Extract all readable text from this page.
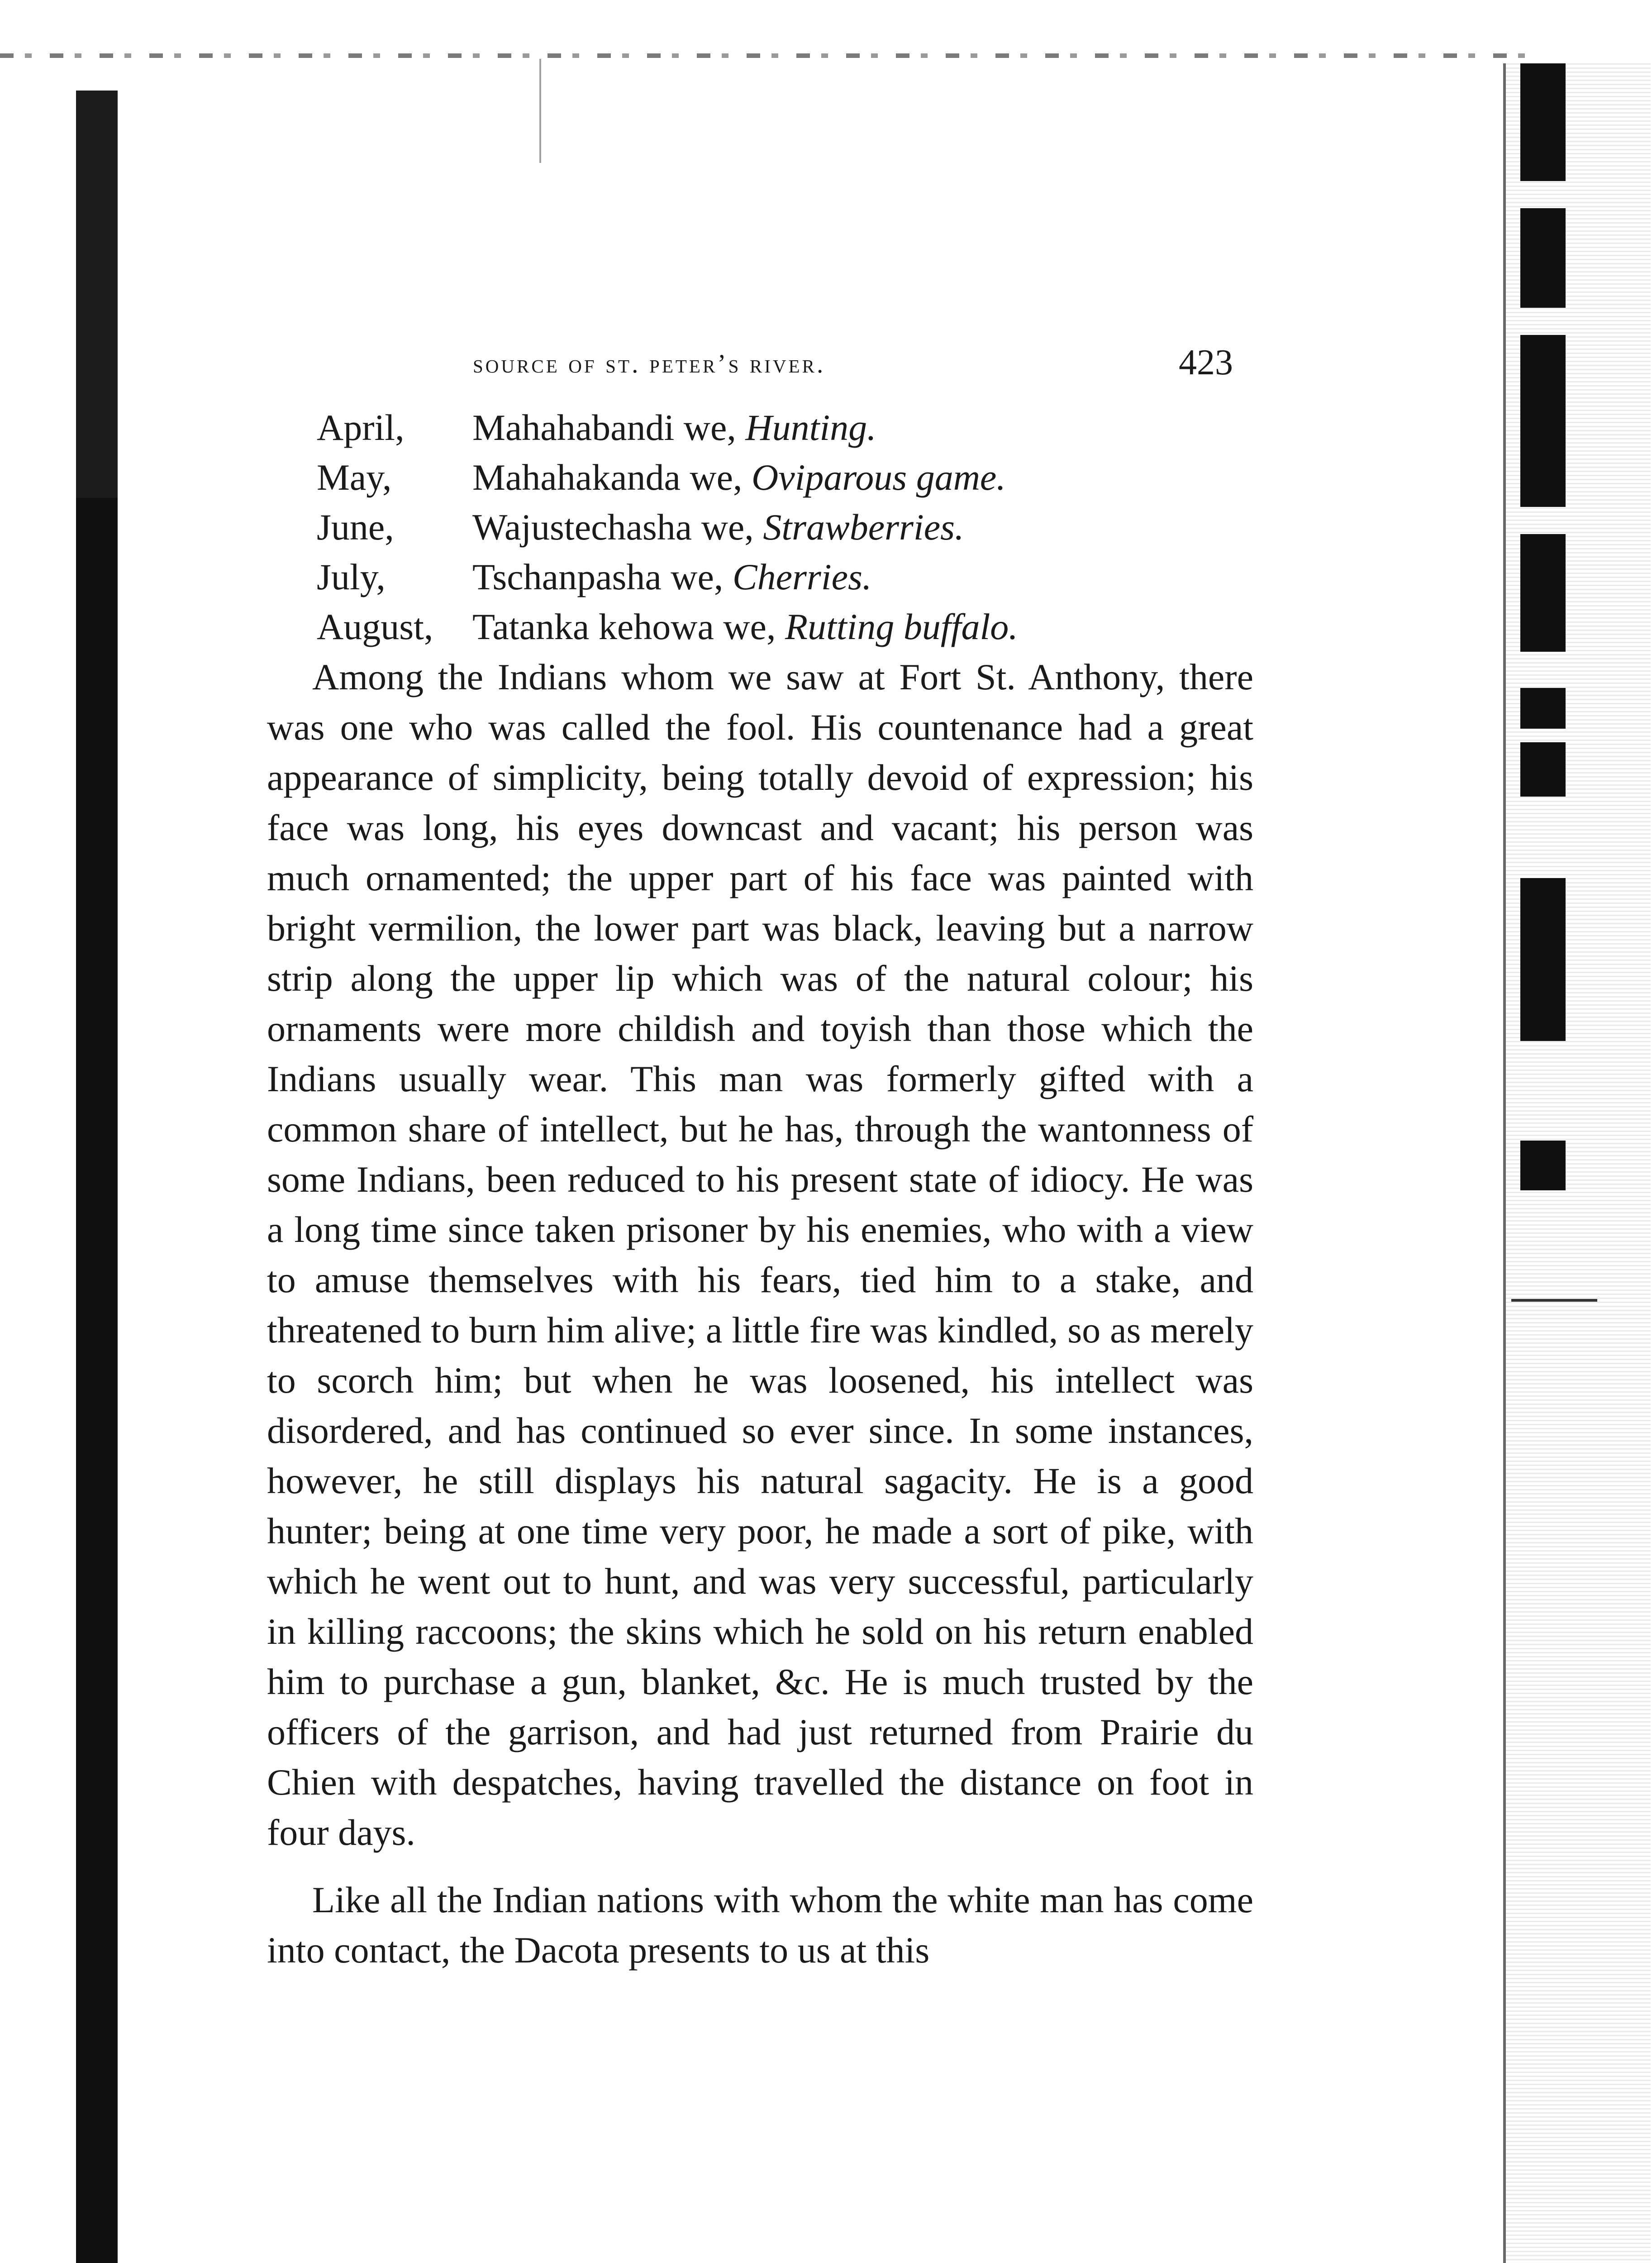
source of st. peter’s river.	423
April,	Mahahabandi we, Hunting.
May,	Mahahakanda we, Oviparous game.
June,	Wajustechasha we, Strawberries.
July,	Tschanpasha we, Cherries.
August,	Tatanka kehowa we, Rutting buffalo.

Among the Indians whom we saw at Fort St. Anthony, there was one who was called the fool. His countenance had a great appearance of simplicity, being totally devoid of expression; his face was long, his eyes downcast and vacant; his person was much ornamented; the upper part of his face was painted with bright vermilion, the lower part was black, leaving but a narrow strip along the upper lip which was of the natural colour; his ornaments were more childish and toyish than those which the Indians usually wear. This man was formerly gifted with a common share of intellect, but he has, through the wantonness of some Indians, been reduced to his present state of idiocy. He was a long time since taken prisoner by his enemies, who with a view to amuse themselves with his fears, tied him to a stake, and threatened to burn him alive; a little fire was kindled, so as merely to scorch him; but when he was loosened, his intellect was disordered, and has continued so ever since. In some instances, however, he still displays his natural sagacity. He is a good hunter; being at one time very poor, he made a sort of pike, with which he went out to hunt, and was very successful, particularly in killing raccoons; the skins which he sold on his return enabled him to purchase a gun, blanket, &c. He is much trusted by the officers of the garrison, and had just returned from Prairie du Chien with despatches, having travelled the distance on foot in four days.

Like all the Indian nations with whom the white man has come into contact, the Dacota presents to us at this
